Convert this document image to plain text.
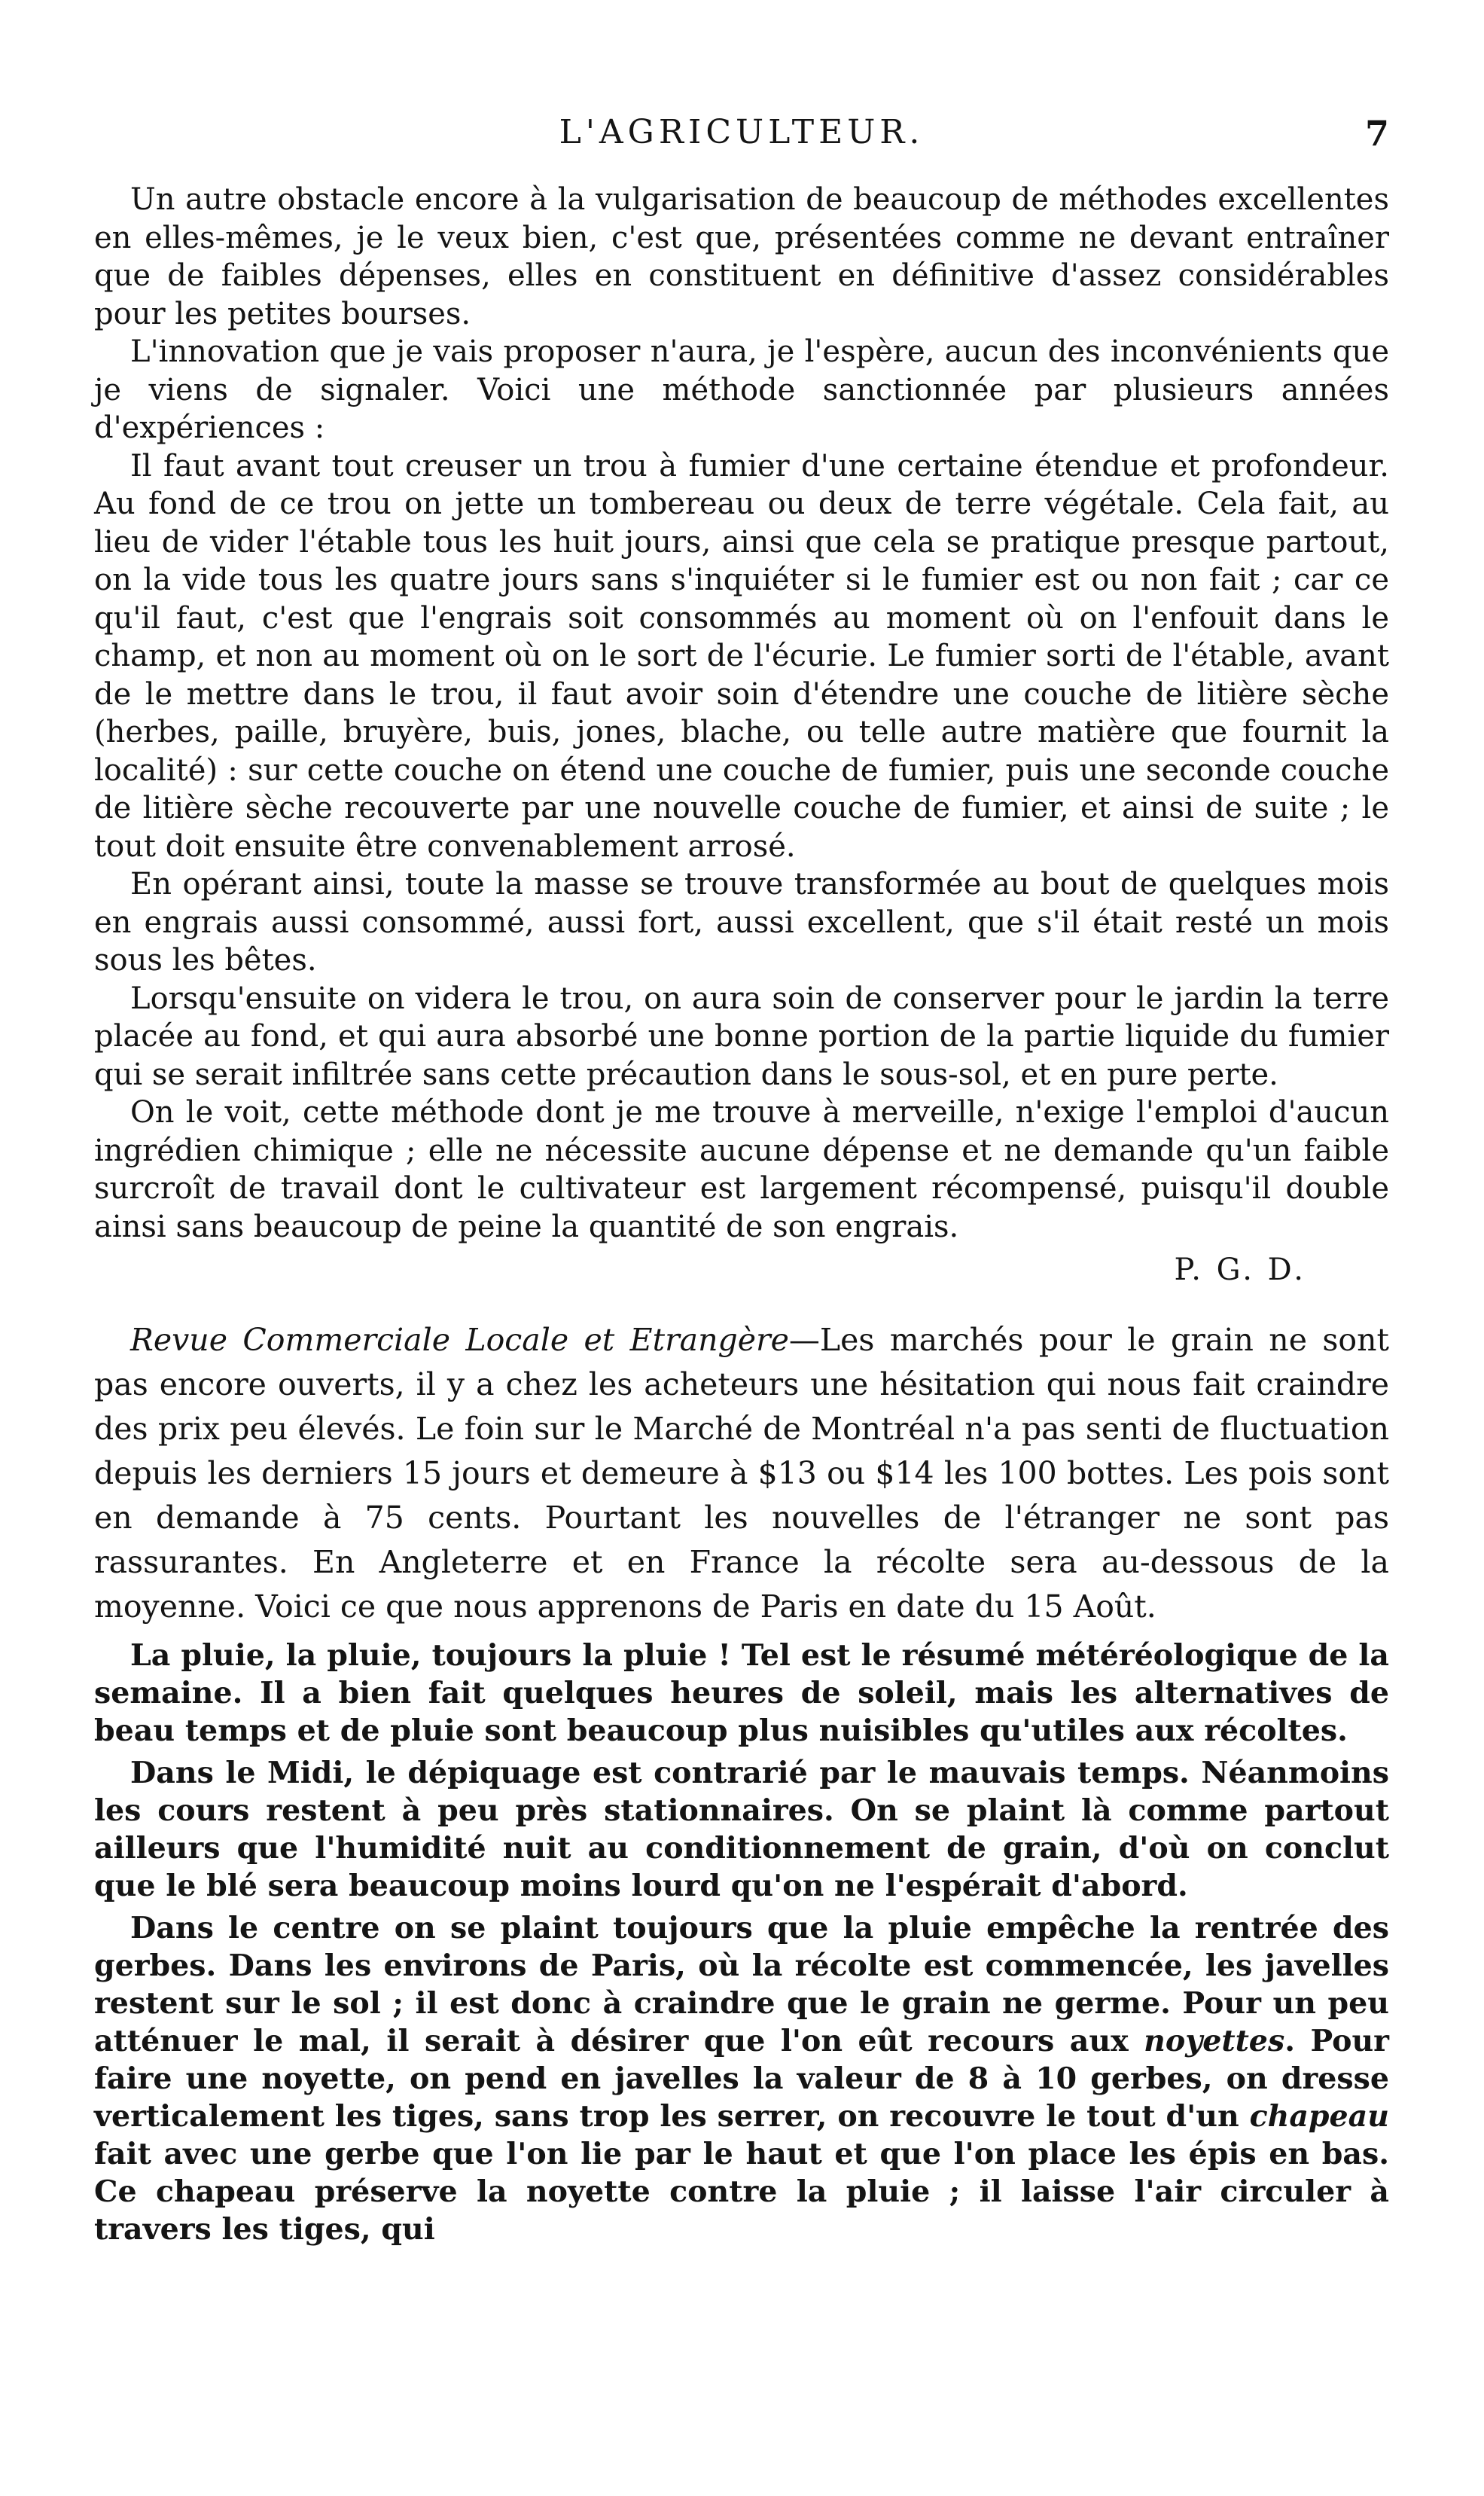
L'AGRICULTEUR.	7

Un autre obstacle encore à la vulgarisation de beaucoup de méthodes excellentes en elles-mêmes, je le veux bien, c'est que, présentées comme ne devant entraîner que de faibles dépenses, elles en constituent en définitive d'assez considérables pour les petites bourses.

L'innovation que je vais proposer n'aura, je l'espère, aucun des inconvénients que je viens de signaler. Voici une méthode sanctionnée par plusieurs années d'expériences :

Il faut avant tout creuser un trou à fumier d'une certaine étendue et profondeur. Au fond de ce trou on jette un tombereau ou deux de terre végétale. Cela fait, au lieu de vider l'étable tous les huit jours, ainsi que cela se pratique presque partout, on la vide tous les quatre jours sans s'inquiéter si le fumier est ou non fait ; car ce qu'il faut, c'est que l'engrais soit consommés au moment où on l'enfouit dans le champ, et non au moment où on le sort de l'écurie. Le fumier sorti de l'étable, avant de le mettre dans le trou, il faut avoir soin d'étendre une couche de litière sèche (herbes, paille, bruyère, buis, jones, blache, ou telle autre matière que fournit la localité) : sur cette couche on étend une couche de fumier, puis une seconde couche de litière sèche recouverte par une nouvelle couche de fumier, et ainsi de suite ; le tout doit ensuite être convenablement arrosé.

En opérant ainsi, toute la masse se trouve transformée au bout de quelques mois en engrais aussi consommé, aussi fort, aussi excellent, que s'il était resté un mois sous les bêtes.

Lorsqu'ensuite on videra le trou, on aura soin de conserver pour le jardin la terre placée au fond, et qui aura absorbé une bonne portion de la partie liquide du fumier qui se serait infiltrée sans cette précaution dans le sous-sol, et en pure perte.

On le voit, cette méthode dont je me trouve à merveille, n'exige l'emploi d'aucun ingrédien chimique ; elle ne nécessite aucune dépense et ne demande qu'un faible surcroît de travail dont le cultivateur est largement récompensé, puisqu'il double ainsi sans beaucoup de peine la quantité de son engrais.

P. G. D.

Revue Commerciale Locale et Etrangère—Les marchés pour le grain ne sont pas encore ouverts, il y a chez les acheteurs une hésitation qui nous fait craindre des prix peu élevés. Le foin sur le Marché de Montréal n'a pas senti de fluctuation depuis les derniers 15 jours et demeure à $13 ou $14 les 100 bottes. Les pois sont en demande à 75 cents. Pourtant les nouvelles de l'étranger ne sont pas rassurantes. En Angleterre et en France la récolte sera au-dessous de la moyenne. Voici ce que nous apprenons de Paris en date du 15 Août.

La pluie, la pluie, toujours la pluie ! Tel est le résumé météréologique de la semaine. Il a bien fait quelques heures de soleil, mais les alternatives de beau temps et de pluie sont beaucoup plus nuisibles qu'utiles aux récoltes.

Dans le Midi, le dépiquage est contrarié par le mauvais temps. Néanmoins les cours restent à peu près stationnaires. On se plaint là comme partout ailleurs que l'humidité nuit au conditionnement de grain, d'où on conclut que le blé sera beaucoup moins lourd qu'on ne l'espérait d'abord.

Dans le centre on se plaint toujours que la pluie empêche la rentrée des gerbes. Dans les environs de Paris, où la récolte est commencée, les javelles restent sur le sol ; il est donc à craindre que le grain ne germe. Pour un peu atténuer le mal, il serait à désirer que l'on eût recours aux noyettes. Pour faire une noyette, on pend en javelles la valeur de 8 à 10 gerbes, on dresse verticalement les tiges, sans trop les serrer, on recouvre le tout d'un chapeau fait avec une gerbe que l'on lie par le haut et que l'on place les épis en bas. Ce chapeau préserve la noyette contre la pluie ; il laisse l'air circuler à travers les tiges, qui
